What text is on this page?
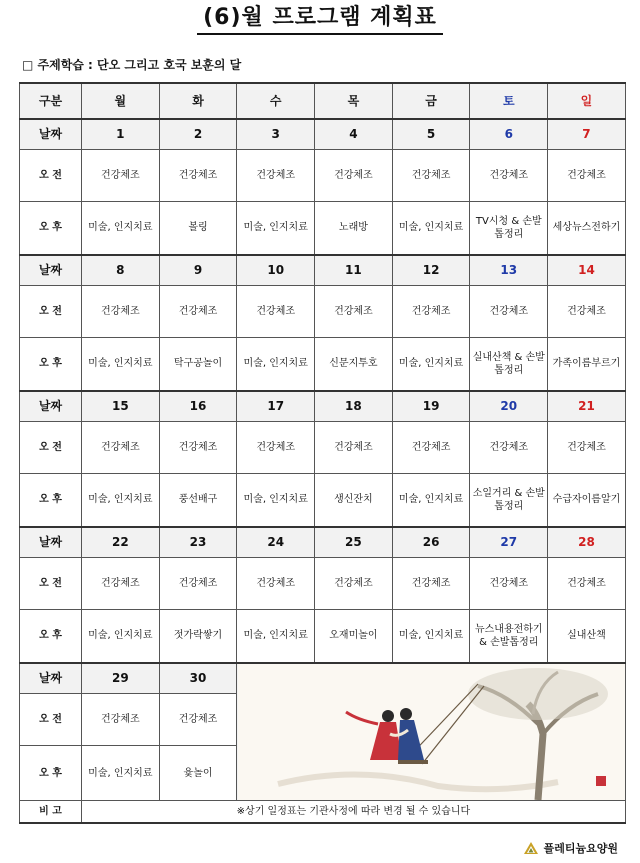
(6)월 프로그램 계획표
□ 주제학습 : 단오 그리고 호국 보훈의 달
구분	월	화	수	목	금	토	일
날짜	1	2	3	4	5	6	7
오 전	건강체조	건강체조	건강체조	건강체조	건강체조	건강체조	건강체조
오 후	미술, 인지치료	볼링	미술, 인지치료	노래방	미술, 인지치료	TV시청 & 손발톱정리	세상뉴스전하기
날짜	8	9	10	11	12	13	14
오 전	건강체조	건강체조	건강체조	건강체조	건강체조	건강체조	건강체조
오 후	미술, 인지치료	탁구공놀이	미술, 인지치료	신문지투호	미술, 인지치료	실내산책 & 손발톱정리	가족이름부르기
날짜	15	16	17	18	19	20	21
오 전	건강체조	건강체조	건강체조	건강체조	건강체조	건강체조	건강체조
오 후	미술, 인지치료	풍선배구	미술, 인지치료	생신잔치	미술, 인지치료	소일거리 & 손발톱정리	수급자이름알기
날짜	22	23	24	25	26	27	28
오 전	건강체조	건강체조	건강체조	건강체조	건강체조	건강체조	건강체조
오 후	미술, 인지치료	젓가락쌓기	미술, 인지치료	오재미놀이	미술, 인지치료	뉴스내용전하기 & 손발톱정리	실내산책
날짜	29	30	

오 전	건강체조	건강체조					
오 후	미술, 인지치료	윷놀이					
비 고	※상기 일정표는 기관사정에 따라 변경 될 수 있습니다						
플레티늄요양원
